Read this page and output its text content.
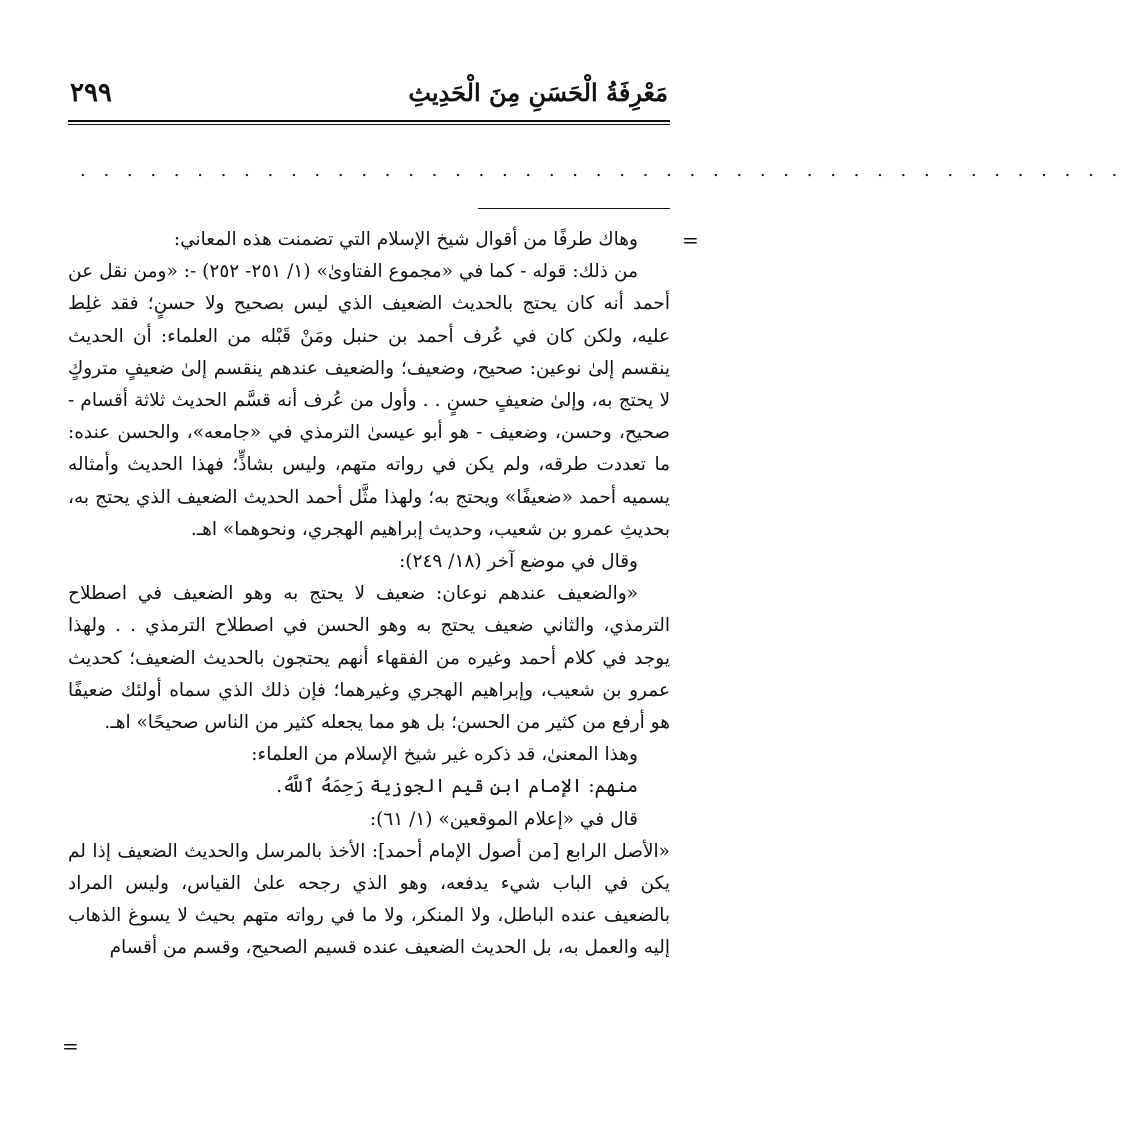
مَعْرِفَةُ الْحَسَنِ مِنَ الْحَدِيثِ
٢٩٩
. . . . . . . . . . . . . . . . . . . . . . . . . . . . . . . . . . . . . . . . . . . . .
=

وهاك طرفًا من أقوال شيخ الإسلام التي تضمنت هذه المعاني:

من ذلك: قوله - كما في «مجموع الفتاوىٰ» (١/ ٢٥١- ٢٥٢) -: «ومن نقل عن أحمد أنه كان يحتج بالحديث الضعيف الذي ليس بصحيح ولا حسنٍ؛ فقد غلِط عليه، ولكن كان في عُرف أحمد بن حنبل ومَنْ قَبْله من العلماء: أن الحديث ينقسم إلىٰ نوعين: صحيح، وضعيف؛ والضعيف عندهم ينقسم إلىٰ ضعيفٍ متروكٍ لا يحتج به، وإلىٰ ضعيفٍ حسنٍ . . وأول من عُرف أنه قسَّم الحديث ثلاثة أقسام - صحيح، وحسن، وضعيف - هو أبو عيسىٰ الترمذي في «جامعه»، والحسن عنده: ما تعددت طرقه، ولم يكن في رواته متهم، وليس بشاذٍّ؛ فهذا الحديث وأمثاله يسميه أحمد «ضعيفًا» ويحتج به؛ ولهذا مثَّل أحمد الحديث الضعيف الذي يحتج به، بحديثِ عمرو بن شعيب، وحديث إبراهيم الهجري، ونحوهما» اهـ.

وقال في موضع آخر (١٨/ ٢٤٩):

«والضعيف عندهم نوعان: ضعيف لا يحتج به وهو الضعيف في اصطلاح الترمذي، والثاني ضعيف يحتج به وهو الحسن في اصطلاح الترمذي . . ولهذا يوجد في كلام أحمد وغيره من الفقهاء أنهم يحتجون بالحديث الضعيف؛ كحديث عمرو بن شعيب، وإبراهيم الهجري وغيرهما؛ فإن ذلك الذي سماه أولئك ضعيفًا هو أرفع من كثير من الحسن؛ بل هو مما يجعله كثير من الناس صحيحًا» اهـ.

وهذا المعنىٰ، قد ذكره غير شيخ الإسلام من العلماء:

منهم: الإمام ابن قيم الجوزية رَحِمَهُ ٱللَّهُ.

قال في «إعلام الموقعين» (١/ ٦١):

«الأصل الرابع [من أصول الإمام أحمد]: الأخذ بالمرسل والحديث الضعيف إذا لم يكن في الباب شيء يدفعه، وهو الذي رجحه علىٰ القياس، وليس المراد بالضعيف عنده الباطل، ولا المنكر، ولا ما في رواته متهم بحيث لا يسوغ الذهاب إليه والعمل به، بل الحديث الضعيف عنده قسيم الصحيح، وقسم من أقسام

=
